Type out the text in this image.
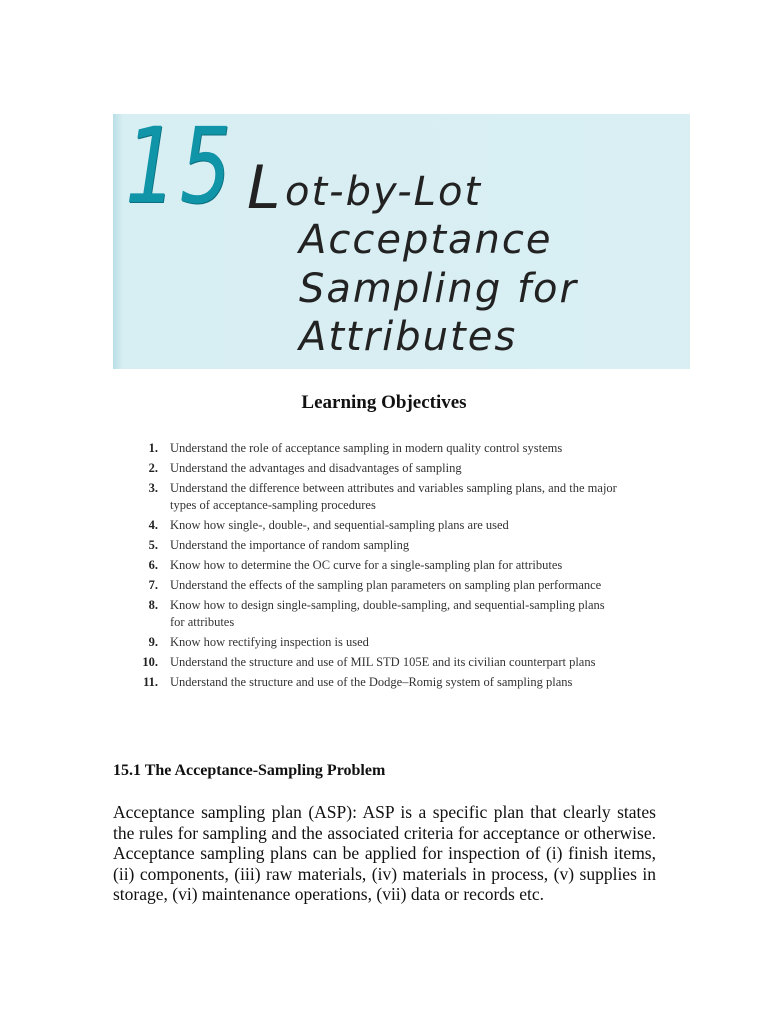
15 L ot-by-Lot
Acceptance
Sampling for
Attributes
Learning Objectives
1. Understand the role of acceptance sampling in modern quality control systems
2. Understand the advantages and disadvantages of sampling
3. Understand the difference between attributes and variables sampling plans, and the major types of acceptance-sampling procedures
4. Know how single-, double-, and sequential-sampling plans are used
5. Understand the importance of random sampling
6. Know how to determine the OC curve for a single-sampling plan for attributes
7. Understand the effects of the sampling plan parameters on sampling plan performance
8. Know how to design single-sampling, double-sampling, and sequential-sampling plans for attributes
9. Know how rectifying inspection is used
10. Understand the structure and use of MIL STD 105E and its civilian counterpart plans
11. Understand the structure and use of the Dodge–Romig system of sampling plans
15.1 The Acceptance-Sampling Problem

Acceptance sampling plan (ASP): ASP is a specific plan that clearly states the rules for sampling and the associated criteria for acceptance or otherwise. Acceptance sampling plans can be applied for inspection of (i) finish items, (ii) components, (iii) raw materials, (iv) materials in process, (v) supplies in storage, (vi) maintenance operations, (vii) data or records etc.
